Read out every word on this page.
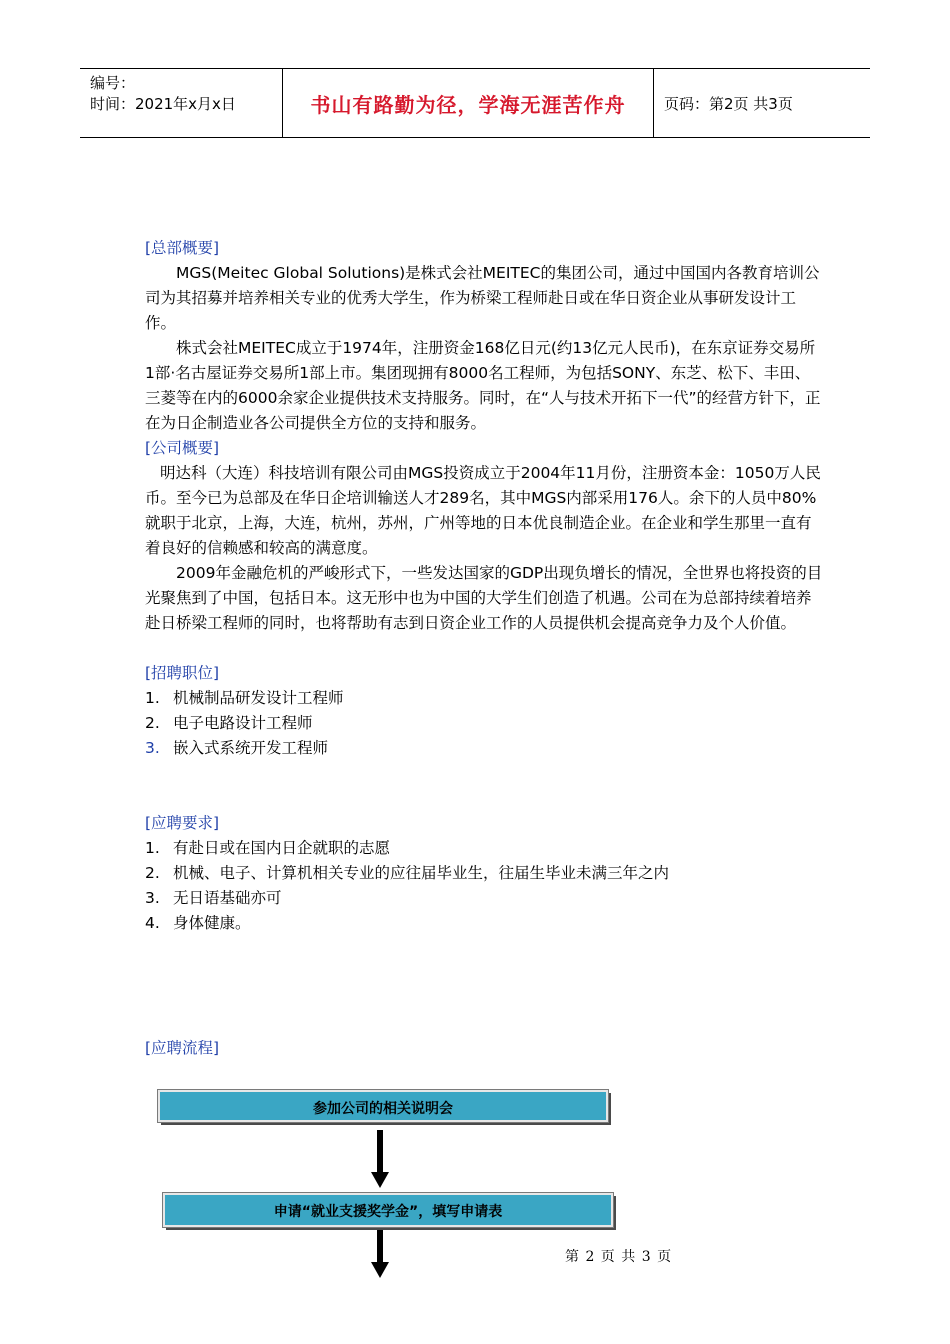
编号：
时间：2021年x月x日	书山有路勤为径，学海无涯苦作舟	页码：第2页 共3页
[总部概要]

MGS(Meitec Global Solutions)是株式会社MEITEC的集团公司，通过中国国内各教育培训公司为其招募并培养相关专业的优秀大学生，作为桥梁工程师赴日或在华日资企业从事研发设计工作。

株式会社MEITEC成立于1974年，注册资金168亿日元(约13亿元人民币)，在东京证券交易所1部·名古屋证券交易所1部上市。集团现拥有8000名工程师，为包括SONY、东芝、松下、丰田、三菱等在内的6000余家企业提供技术支持服务。同时，在“人与技术开拓下一代”的经营方针下，正在为日企制造业各公司提供全方位的支持和服务。

[公司概要]

明达科（大连）科技培训有限公司由MGS投资成立于2004年11月份，注册资本金：1050万人民币。至今已为总部及在华日企培训输送人才289名，其中MGS内部采用176人。余下的人员中80%就职于北京，上海，大连，杭州，苏州，广州等地的日本优良制造企业。在企业和学生那里一直有着良好的信赖感和较高的满意度。

2009年金融危机的严峻形式下，一些发达国家的GDP出现负增长的情况，全世界也将投资的目光聚焦到了中国，包括日本。这无形中也为中国的大学生们创造了机遇。公司在为总部持续着培养赴日桥梁工程师的同时，也将帮助有志到日资企业工作的人员提供机会提高竞争力及个人价值。

[招聘职位]
1. 机械制品研发设计工程师
2. 电子电路设计工程师
3. 嵌入式系统开发工程师
[应聘要求]
1. 有赴日或在国内日企就职的志愿
2. 机械、电子、计算机相关专业的应往届毕业生，往届生毕业未满三年之内
3. 无日语基础亦可
4. 身体健康。
[应聘流程]
参加公司的相关说明会
申请“就业支援奖学金”，填写申请表
第 2 页 共 3 页
